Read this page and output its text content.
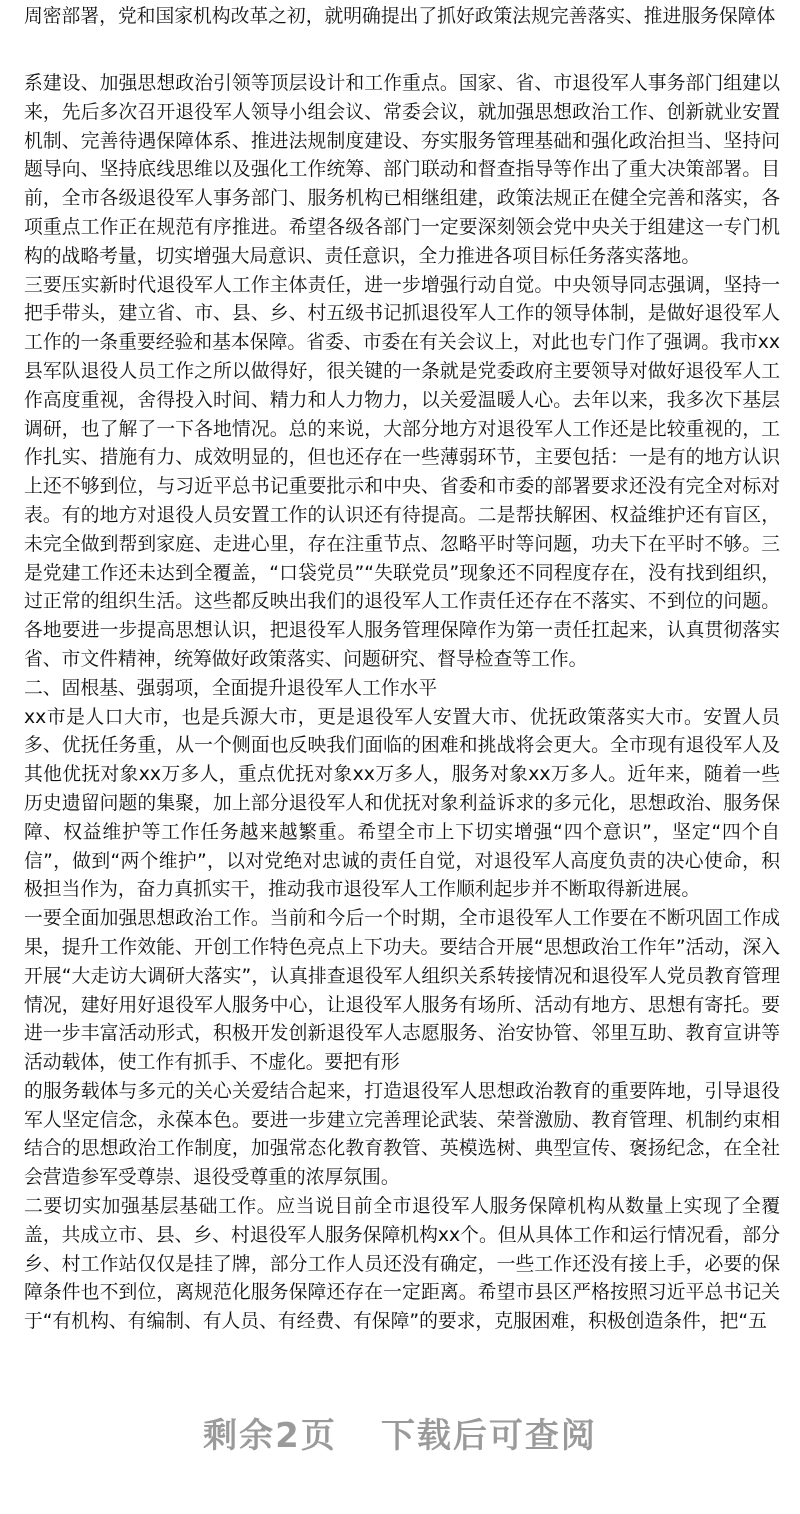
周密部署，党和国家机构改革之初，就明确提出了抓好政策法规完善落实、推进服务保障体

系建设、加强思想政治引领等顶层设计和工作重点。国家、省、市退役军人事务部门组建以来，先后多次召开退役军人领导小组会议、常委会议，就加强思想政治工作、创新就业安置机制、完善待遇保障体系、推进法规制度建设、夯实服务管理基础和强化政治担当、坚持问题导向、坚持底线思维以及强化工作统筹、部门联动和督查指导等作出了重大决策部署。目前，全市各级退役军人事务部门、服务机构已相继组建，政策法规正在健全完善和落实，各项重点工作正在规范有序推进。希望各级各部门一定要深刻领会党中央关于组建这一专门机构的战略考量，切实增强大局意识、责任意识，全力推进各项目标任务落实落地。

三要压实新时代退役军人工作主体责任，进一步增强行动自觉。中央领导同志强调，坚持一把手带头，建立省、市、县、乡、村五级书记抓退役军人工作的领导体制，是做好退役军人工作的一条重要经验和基本保障。省委、市委在有关会议上，对此也专门作了强调。我市xx县军队退役人员工作之所以做得好，很关键的一条就是党委政府主要领导对做好退役军人工作高度重视，舍得投入时间、精力和人力物力，以关爱温暖人心。去年以来，我多次下基层调研，也了解了一下各地情况。总的来说，大部分地方对退役军人工作还是比较重视的，工作扎实、措施有力、成效明显的，但也还存在一些薄弱环节，主要包括：一是有的地方认识上还不够到位，与习近平总书记重要批示和中央、省委和市委的部署要求还没有完全对标对表。有的地方对退役人员安置工作的认识还有待提高。二是帮扶解困、权益维护还有盲区，未完全做到帮到家庭、走进心里，存在注重节点、忽略平时等问题，功夫下在平时不够。三是党建工作还未达到全覆盖，“口袋党员”“失联党员”现象还不同程度存在，没有找到组织，过正常的组织生活。这些都反映出我们的退役军人工作责任还存在不落实、不到位的问题。各地要进一步提高思想认识，把退役军人服务管理保障作为第一责任扛起来，认真贯彻落实省、市文件精神，统筹做好政策落实、问题研究、督导检查等工作。

二、固根基、强弱项，全面提升退役军人工作水平

xx市是人口大市，也是兵源大市，更是退役军人安置大市、优抚政策落实大市。安置人员多、优抚任务重，从一个侧面也反映我们面临的困难和挑战将会更大。全市现有退役军人及其他优抚对象xx万多人，重点优抚对象xx万多人，服务对象xx万多人。近年来，随着一些历史遗留问题的集聚，加上部分退役军人和优抚对象利益诉求的多元化，思想政治、服务保障、权益维护等工作任务越来越繁重。希望全市上下切实增强“四个意识”，坚定“四个自信”，做到“两个维护”，以对党绝对忠诚的责任自觉，对退役军人高度负责的决心使命，积极担当作为，奋力真抓实干，推动我市退役军人工作顺利起步并不断取得新进展。

一要全面加强思想政治工作。当前和今后一个时期，全市退役军人工作要在不断巩固工作成果，提升工作效能、开创工作特色亮点上下功夫。要结合开展“思想政治工作年”活动，深入开展“大走访大调研大落实”，认真排查退役军人组织关系转接情况和退役军人党员教育管理情况，建好用好退役军人服务中心，让退役军人服务有场所、活动有地方、思想有寄托。要进一步丰富活动形式，积极开发创新退役军人志愿服务、治安协管、邻里互助、教育宣讲等活动载体，使工作有抓手、不虚化。要把有形

的服务载体与多元的关心关爱结合起来，打造退役军人思想政治教育的重要阵地，引导退役军人坚定信念，永葆本色。要进一步建立完善理论武装、荣誉激励、教育管理、机制约束相结合的思想政治工作制度，加强常态化教育教管、英模选树、典型宣传、褒扬纪念，在全社会营造参军受尊崇、退役受尊重的浓厚氛围。

二要切实加强基层基础工作。应当说目前全市退役军人服务保障机构从数量上实现了全覆盖，共成立市、县、乡、村退役军人服务保障机构xx个。但从具体工作和运行情况看，部分乡、村工作站仅仅是挂了牌，部分工作人员还没有确定，一些工作还没有接上手，必要的保障条件也不到位，离规范化服务保障还存在一定距离。希望市县区严格按照习近平总书记关于“有机构、有编制、有人员、有经费、有保障”的要求，克服困难，积极创造条件，把“五

剩余2页 下载后可查阅
